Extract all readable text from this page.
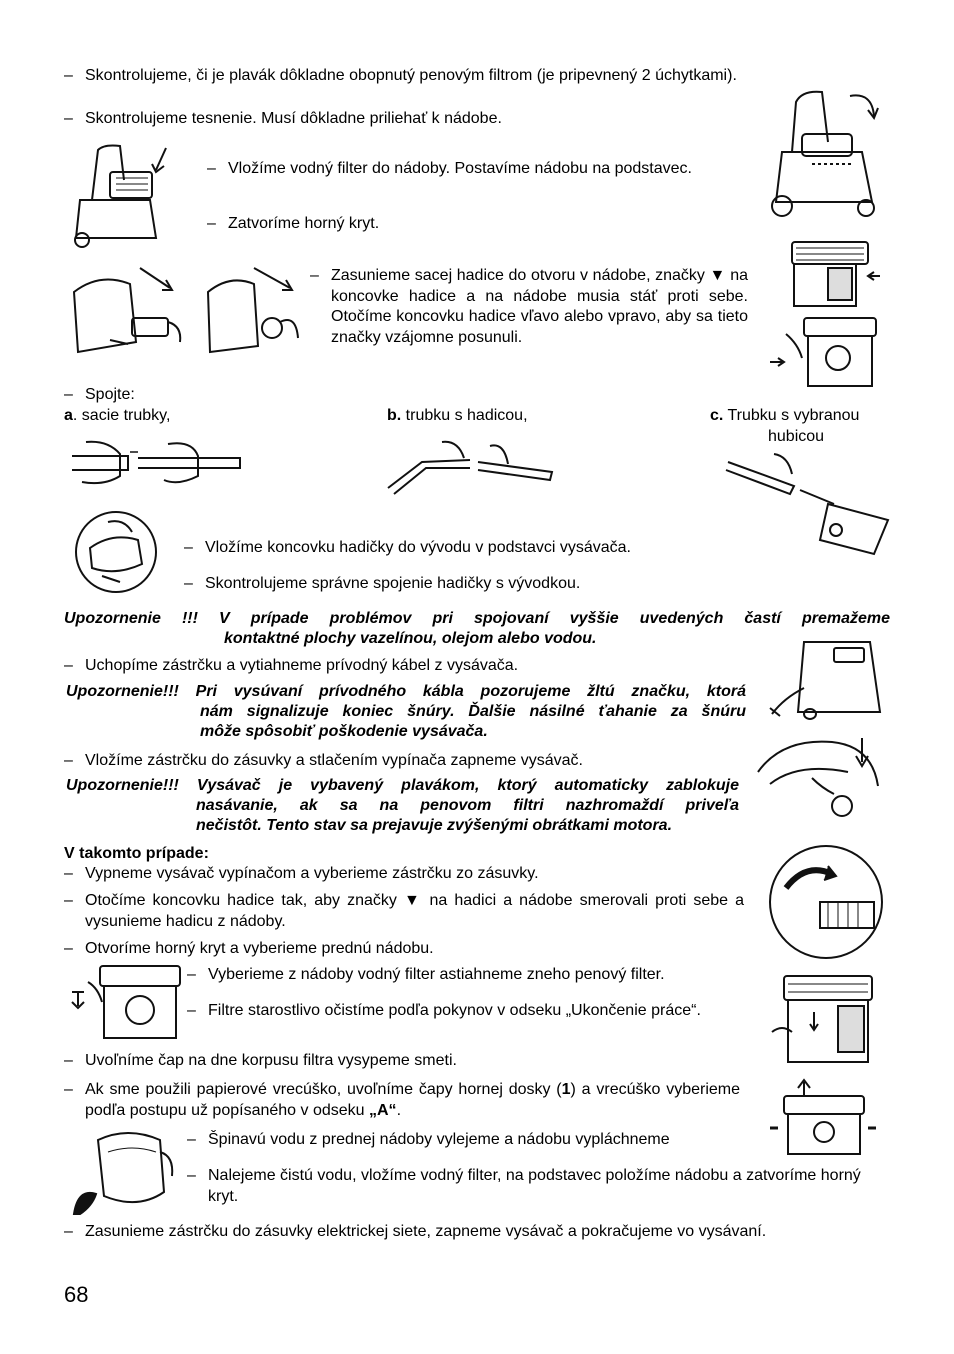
– Skontrolujeme, či je plavák dôkladne obopnutý penovým filtrom (je pripevnený 2 úchytkami).
– Skontrolujeme tesnenie. Musí dôkladne priliehať k nádobe.
– Vložíme vodný filter do nádoby. Postavíme nádobu na podstavec.
– Zatvoríme horný kryt.
– Zasunieme sacej hadice do otvoru v nádobe, značky ▼ na koncovke hadice a na nádobe musia stáť proti sebe. Otočíme koncovku hadice vľavo alebo vpravo, aby sa tieto značky vzájomne posunuli.
– Spojte:
a. sacie trubky,	b. trubku s hadicou,	c. Trubku s vybranou
hubicou
– Vložíme koncovku hadičky do vývodu v podstavci vysávača.
– Skontrolujeme správne spojenie hadičky s vývodkou.
Upozornenie !!! V prípade problémov pri spojovaní vyššie uvedených častí premažeme
kontaktné plochy vazelínou, olejom alebo vodou.
– Uchopíme zástrčku a vytiahneme prívodný kábel z vysávača.
Upozornenie!!! Pri vysúvaní prívodného kábla pozorujeme žltú značku, ktorá
nám signalizuje koniec šnúry. Ďalšie násilné ťahanie za šnúru
môže spôsobiť poškodenie vysávača.
– Vložíme zástrčku do zásuvky a stlačením vypínača zapneme vysávač.
Upozornenie!!! Vysávač je vybavený plavákom, ktorý automaticky zablokuje
nasávanie, ak sa na penovom filtri nazhromaždí priveľa
nečistôt. Tento stav sa prejavuje zvýšenými obrátkami motora.
V takomto prípade:
– Vypneme vysávač vypínačom a vyberieme zástrčku zo zásuvky.
– Otočíme koncovku hadice tak, aby značky ▼ na hadici a nádobe smerovali proti sebe a vysunieme hadicu z nádoby.
– Otvoríme horný kryt a vyberieme prednú nádobu.
– Vyberieme z nádoby vodný filter astiahneme zneho penový filter.
– Filtre starostlivo očistíme podľa pokynov v odseku „Ukončenie práce“.
– Uvoľníme čap na dne korpusu filtra vysypeme smeti.
– Ak sme použili papierové vrecúško, uvoľníme čapy hornej dosky (1) a vrecúško vyberieme podľa postupu už popísaného v odseku „A“.
– Špinavú vodu z prednej nádoby vylejeme a nádobu vypláchneme
– Nalejeme čistú vodu, vložíme vodný filter, na podstavec položíme nádobu a zatvoríme horný kryt.
– Zasunieme zástrčku do zásuvky elektrickej siete, zapneme vysávač a pokračujeme vo vysávaní.
68
